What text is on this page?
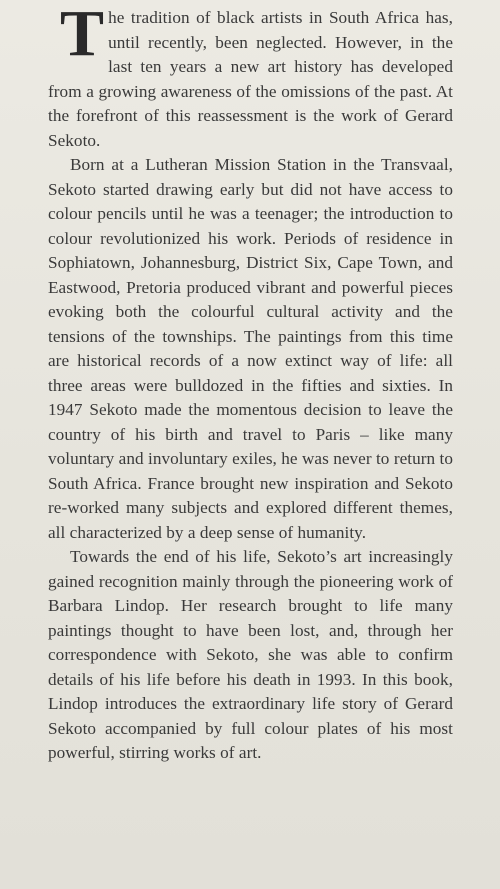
The tradition of black artists in South Africa has, until recently, been neglected. However, in the last ten years a new art history has developed from a growing awareness of the omissions of the past. At the forefront of this reassessment is the work of Gerard Sekoto.

Born at a Lutheran Mission Station in the Transvaal, Sekoto started drawing early but did not have access to colour pencils until he was a teenager; the introduction to colour revolutionized his work. Periods of residence in Sophiatown, Johannesburg, District Six, Cape Town, and Eastwood, Pretoria produced vibrant and powerful pieces evoking both the colourful cultural activity and the tensions of the townships. The paintings from this time are historical records of a now extinct way of life: all three areas were bulldozed in the fifties and sixties. In 1947 Sekoto made the momentous decision to leave the country of his birth and travel to Paris – like many voluntary and involuntary exiles, he was never to return to South Africa. France brought new inspiration and Sekoto re-worked many subjects and explored different themes, all characterized by a deep sense of humanity.

Towards the end of his life, Sekoto’s art increasingly gained recognition mainly through the pioneering work of Barbara Lindop. Her research brought to life many paintings thought to have been lost, and, through her correspondence with Sekoto, she was able to confirm details of his life before his death in 1993. In this book, Lindop introduces the extraordinary life story of Gerard Sekoto accompanied by full colour plates of his most powerful, stirring works of art.
